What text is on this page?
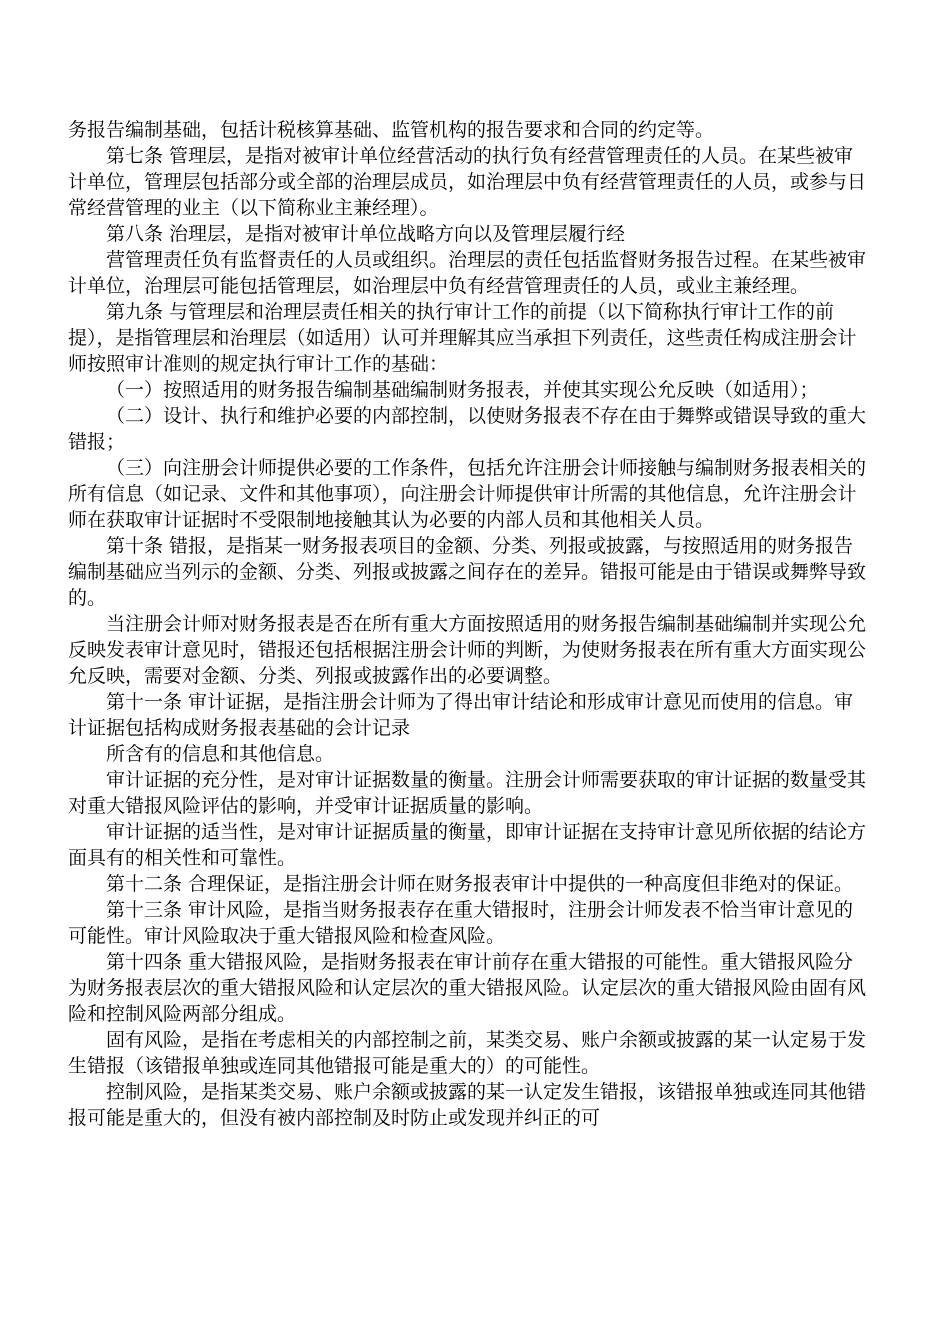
务报告编制基础，包括计税核算基础、监管机构的报告要求和合同的约定等。

第七条 管理层，是指对被审计单位经营活动的执行负有经营管理责任的人员。在某些被审计单位，管理层包括部分或全部的治理层成员，如治理层中负有经营管理责任的人员，或参与日常经营管理的业主（以下简称业主兼经理）。

第八条 治理层，是指对被审计单位战略方向以及管理层履行经

营管理责任负有监督责任的人员或组织。治理层的责任包括监督财务报告过程。在某些被审计单位，治理层可能包括管理层，如治理层中负有经营管理责任的人员，或业主兼经理。

第九条 与管理层和治理层责任相关的执行审计工作的前提（以下简称执行审计工作的前提），是指管理层和治理层（如适用）认可并理解其应当承担下列责任，这些责任构成注册会计师按照审计准则的规定执行审计工作的基础：

（一）按照适用的财务报告编制基础编制财务报表，并使其实现公允反映（如适用）；

（二）设计、执行和维护必要的内部控制，以使财务报表不存在由于舞弊或错误导致的重大错报；

（三）向注册会计师提供必要的工作条件，包括允许注册会计师接触与编制财务报表相关的所有信息（如记录、文件和其他事项），向注册会计师提供审计所需的其他信息，允许注册会计师在获取审计证据时不受限制地接触其认为必要的内部人员和其他相关人员。

第十条 错报，是指某一财务报表项目的金额、分类、列报或披露，与按照适用的财务报告编制基础应当列示的金额、分类、列报或披露之间存在的差异。错报可能是由于错误或舞弊导致的。

当注册会计师对财务报表是否在所有重大方面按照适用的财务报告编制基础编制并实现公允反映发表审计意见时，错报还包括根据注册会计师的判断，为使财务报表在所有重大方面实现公允反映，需要对金额、分类、列报或披露作出的必要调整。

第十一条 审计证据，是指注册会计师为了得出审计结论和形成审计意见而使用的信息。审计证据包括构成财务报表基础的会计记录

所含有的信息和其他信息。

审计证据的充分性，是对审计证据数量的衡量。注册会计师需要获取的审计证据的数量受其对重大错报风险评估的影响，并受审计证据质量的影响。

审计证据的适当性，是对审计证据质量的衡量，即审计证据在支持审计意见所依据的结论方面具有的相关性和可靠性。

第十二条 合理保证，是指注册会计师在财务报表审计中提供的一种高度但非绝对的保证。

第十三条 审计风险，是指当财务报表存在重大错报时，注册会计师发表不恰当审计意见的可能性。审计风险取决于重大错报风险和检查风险。

第十四条 重大错报风险，是指财务报表在审计前存在重大错报的可能性。重大错报风险分为财务报表层次的重大错报风险和认定层次的重大错报风险。认定层次的重大错报风险由固有风险和控制风险两部分组成。

固有风险，是指在考虑相关的内部控制之前，某类交易、账户余额或披露的某一认定易于发生错报（该错报单独或连同其他错报可能是重大的）的可能性。

控制风险，是指某类交易、账户余额或披露的某一认定发生错报，该错报单独或连同其他错报可能是重大的，但没有被内部控制及时防止或发现并纠正的可
